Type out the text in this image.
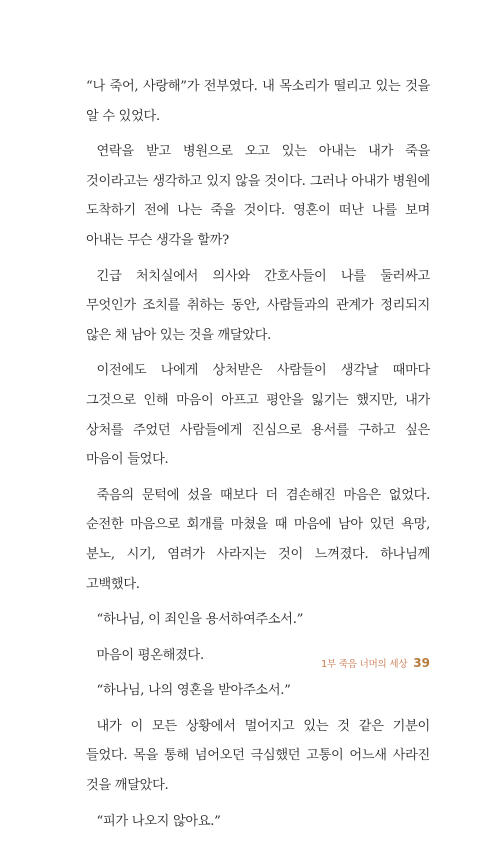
“나 죽어, 사랑해”가 전부였다. 내 목소리가 떨리고 있는 것을 알 수 있었다.

연락을 받고 병원으로 오고 있는 아내는 내가 죽을 것이라고는 생각하고 있지 않을 것이다. 그러나 아내가 병원에 도착하기 전에 나는 죽을 것이다. 영혼이 떠난 나를 보며 아내는 무슨 생각을 할까?

긴급 처치실에서 의사와 간호사들이 나를 둘러싸고 무엇인가 조치를 취하는 동안, 사람들과의 관계가 정리되지 않은 채 남아 있는 것을 깨달았다.

이전에도 나에게 상처받은 사람들이 생각날 때마다 그것으로 인해 마음이 아프고 평안을 잃기는 했지만, 내가 상처를 주었던 사람들에게 진심으로 용서를 구하고 싶은 마음이 들었다.

죽음의 문턱에 섰을 때보다 더 겸손해진 마음은 없었다. 순전한 마음으로 회개를 마쳤을 때 마음에 남아 있던 욕망, 분노, 시기, 염려가 사라지는 것이 느껴졌다. 하나님께 고백했다.

“하나님, 이 죄인을 용서하여주소서.”

마음이 평온해졌다.

“하나님, 나의 영혼을 받아주소서.”

내가 이 모든 상황에서 멀어지고 있는 것 같은 기분이 들었다. 목을 통해 넘어오던 극심했던 고통이 어느새 사라진 것을 깨달았다.

“피가 나오지 않아요.”

1부 죽음 너머의 세상 39
